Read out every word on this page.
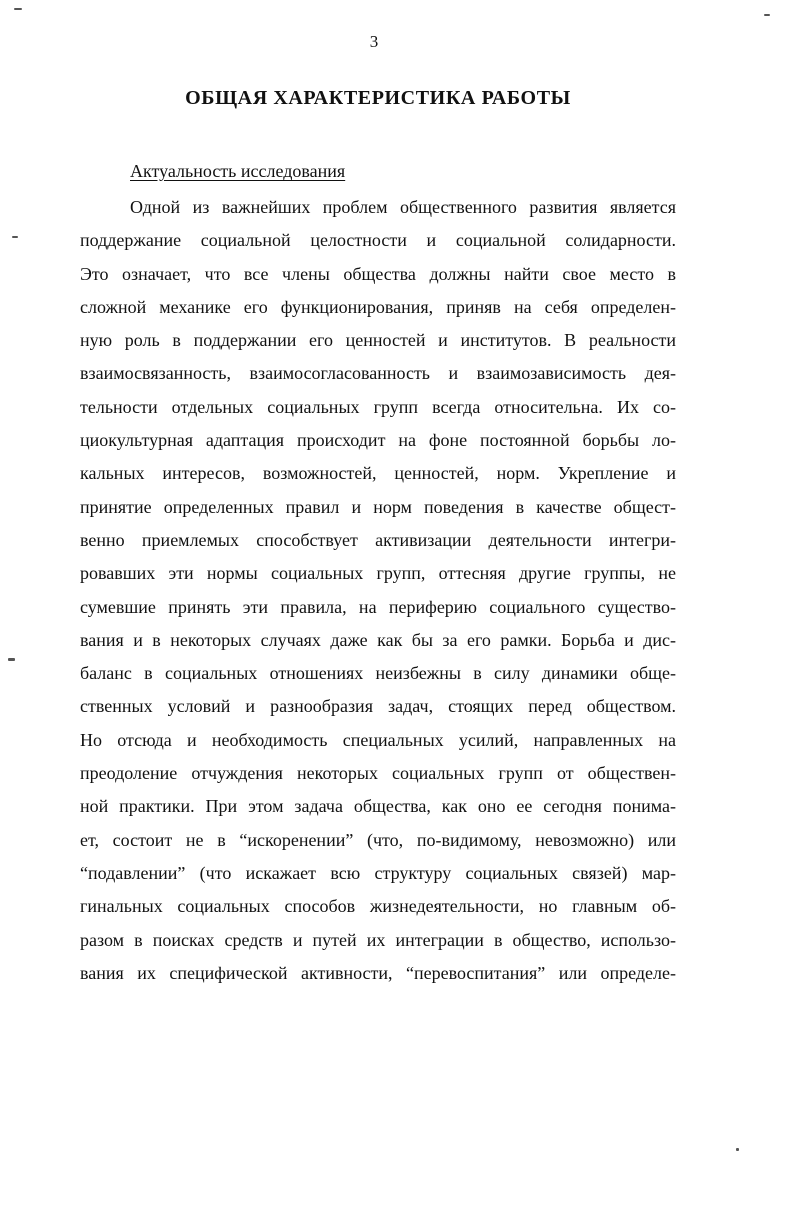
3
ОБЩАЯ ХАРАКТЕРИСТИКА РАБОТЫ
Актуальность исследования
Одной из важнейших проблем общественного развития является
поддержание социальной целостности и социальной солидарности.
Это означает, что все члены общества должны найти свое место в
сложной механике его функционирования, приняв на себя определен-
ную роль в поддержании его ценностей и институтов. В реальности
взаимосвязанность, взаимосогласованность и взаимозависимость дея-
тельности отдельных социальных групп всегда относительна. Их со-
циокультурная адаптация происходит на фоне постоянной борьбы ло-
кальных интересов, возможностей, ценностей, норм. Укрепление и
принятие определенных правил и норм поведения в качестве общест-
венно приемлемых способствует активизации деятельности интегри-
ровавших эти нормы социальных групп, оттесняя другие группы, не
сумевшие принять эти правила, на периферию социального существо-
вания и в некоторых случаях даже как бы за его рамки. Борьба и дис-
баланс в социальных отношениях неизбежны в силу динамики обще-
ственных условий и разнообразия задач, стоящих перед обществом.
Но отсюда и необходимость специальных усилий, направленных на
преодоление отчуждения некоторых социальных групп от обществен-
ной практики. При этом задача общества, как оно ее сегодня понима-
ет, состоит не в “искоренении” (что, по-видимому, невозможно) или
“подавлении” (что искажает всю структуру социальных связей) мар-
гинальных социальных способов жизнедеятельности, но главным об-
разом в поисках средств и путей их интеграции в общество, использо-
вания их специфической активности, “перевоспитания” или определе-
